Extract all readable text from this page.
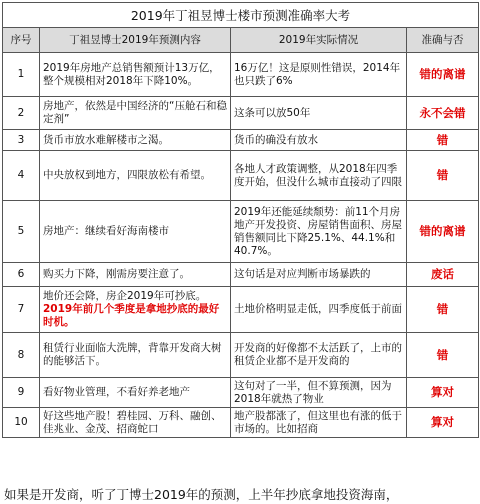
2019年丁祖昱博士楼市预测准确率大考			
序号	丁祖昱博士2019年预测内容	2019年实际情况	准确与否
1	2019年房地产总销售额预计13万亿，整个规模相对2018年下降10%。	16万亿！这是原则性错误，2014年也只跌了6%	错的离谱
2	房地产，依然是中国经济的“压舱石和稳定剂”	这条可以放50年	永不会错
3	货币市放水难解楼市之渴。	货币的确没有放水	错
4	中央放权到地方，四限放松有希望。	各地人才政策调整，从2018年四季度开始，但没什么城市直接动了四限	错
5	房地产：继续看好海南楼市	2019年还能延续颓势：前11个月房地产开发投资、房屋销售面积、房屋销售额同比下降25.1%、44.1%和40.7%。	错的离谱
6	购买力下降，刚需房要注意了。	这句话是对应判断市场暴跌的	废话
7	地价还会降，房企2019年可抄底。2019年前几个季度是拿地抄底的最好时机。	土地价格明显走低，四季度低于前面	错
8	租赁行业面临大洗牌，背靠开发商大树的能够活下。	开发商的好像都不太活跃了，上市的租赁企业都不是开发商的	错
9	看好物业管理，不看好养老地产	这句对了一半，但不算预测，因为2018年就热了物业	算对
10	好这些地产股！碧桂园、万科、融创、佳兆业、金茂、招商蛇口	地产股都涨了，但这里也有涨的低于市场的。比如招商	算对
如果是开发商，听了丁博士2019年的预测，上半年抄底拿地投资海南，
